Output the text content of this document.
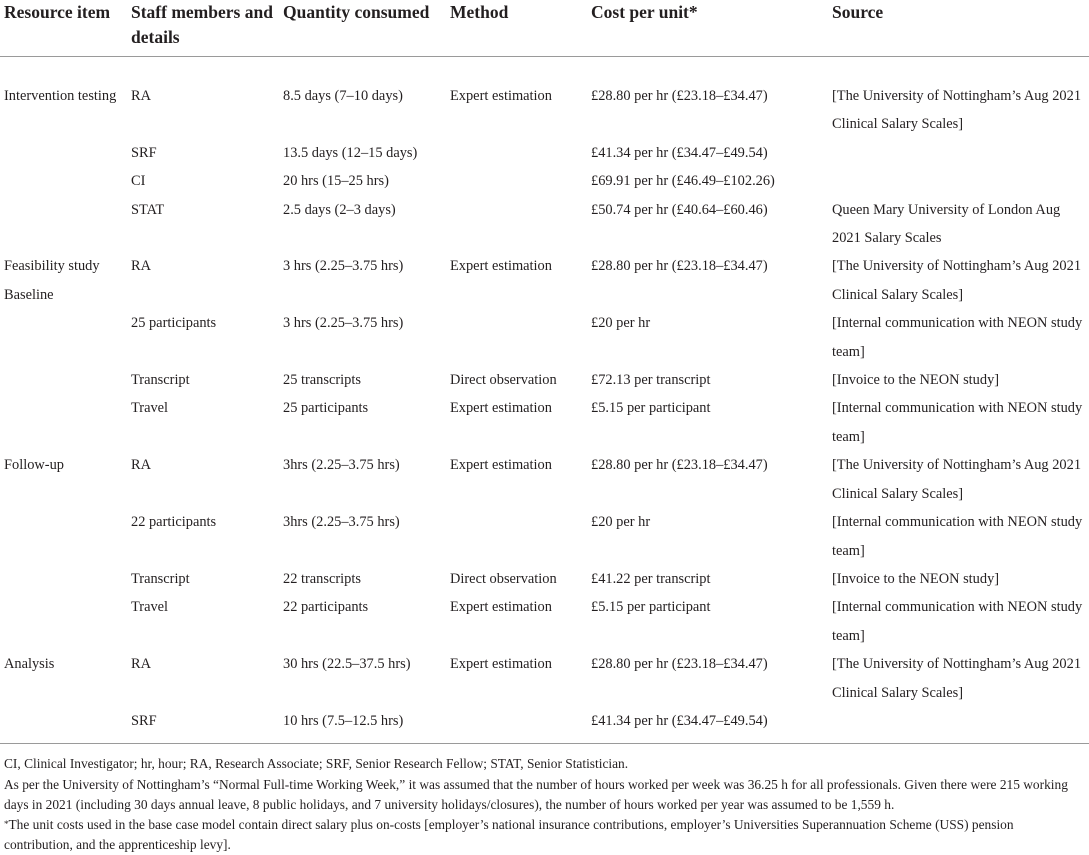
Resource item	Staff members and details	Quantity consumed	Method	Cost per unit*	Source
Intervention testing	RA	8.5 days (7–10 days)	Expert estimation	£28.80 per hr (£23.18–£34.47)	[The University of Nottingham’s Aug 2021 Clinical Salary Scales]
	SRF	13.5 days (12–15 days)		£41.34 per hr (£34.47–£49.54)	
	CI	20 hrs (15–25 hrs)		£69.91 per hr (£46.49–£102.26)	
	STAT	2.5 days (2–3 days)		£50.74 per hr (£40.64–£60.46)	Queen Mary University of London Aug 2021 Salary Scales
Feasibility study Baseline	RA	3 hrs (2.25–3.75 hrs)	Expert estimation	£28.80 per hr (£23.18–£34.47)	[The University of Nottingham’s Aug 2021 Clinical Salary Scales]
	25 participants	3 hrs (2.25–3.75 hrs)		£20 per hr	[Internal communication with NEON study team]
	Transcript	25 transcripts	Direct observation	£72.13 per transcript	[Invoice to the NEON study]
	Travel	25 participants	Expert estimation	£5.15 per participant	[Internal communication with NEON study team]
Follow-up	RA	3hrs (2.25–3.75 hrs)	Expert estimation	£28.80 per hr (£23.18–£34.47)	[The University of Nottingham’s Aug 2021 Clinical Salary Scales]
	22 participants	3hrs (2.25–3.75 hrs)		£20 per hr	[Internal communication with NEON study team]
	Transcript	22 transcripts	Direct observation	£41.22 per transcript	[Invoice to the NEON study]
	Travel	22 participants	Expert estimation	£5.15 per participant	[Internal communication with NEON study team]
Analysis	RA	30 hrs (22.5–37.5 hrs)	Expert estimation	£28.80 per hr (£23.18–£34.47)	[The University of Nottingham’s Aug 2021 Clinical Salary Scales]
	SRF	10 hrs (7.5–12.5 hrs)		£41.34 per hr (£34.47–£49.54)	

CI, Clinical Investigator; hr, hour; RA, Research Associate; SRF, Senior Research Fellow; STAT, Senior Statistician.

As per the University of Nottingham’s “Normal Full-time Working Week,” it was assumed that the number of hours worked per week was 36.25 h for all professionals. Given there were 215 working days in 2021 (including 30 days annual leave, 8 public holidays, and 7 university holidays/closures), the number of hours worked per year was assumed to be 1,559 h.

*The unit costs used in the base case model contain direct salary plus on-costs [employer’s national insurance contributions, employer’s Universities Superannuation Scheme (USS) pension contribution, and the apprenticeship levy].
